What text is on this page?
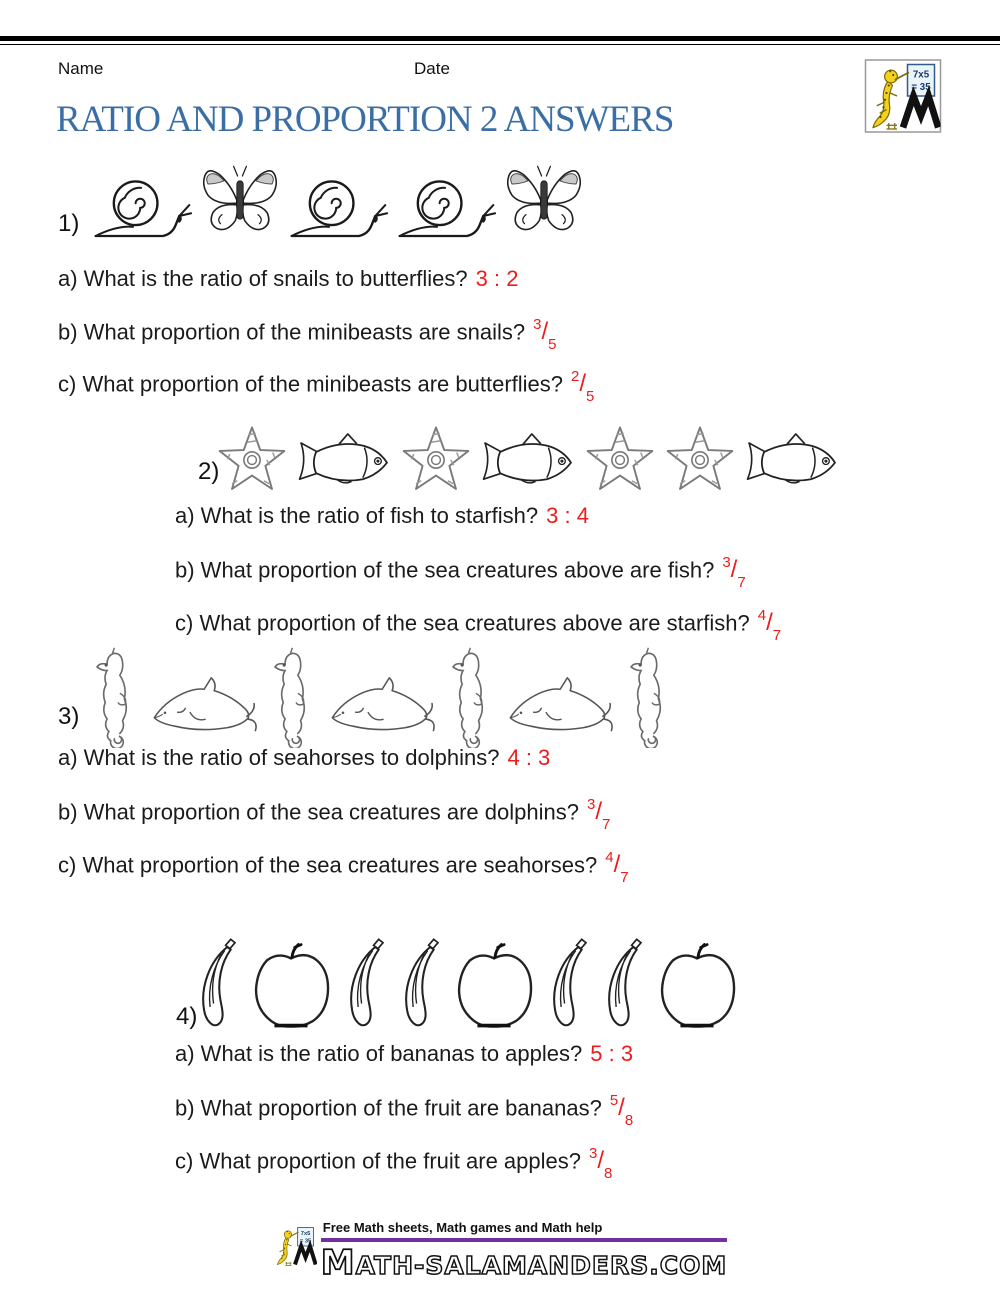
Name	Date
RATIO AND PROPORTION 2 ANSWERS
1)
a) What is the ratio of snails to butterflies? 3 : 2
b) What proportion of the minibeasts are snails? $^3/_5$
c) What proportion of the minibeasts are butterflies? $^2/_5$
2)
a) What is the ratio of fish to starfish? 3 : 4
b) What proportion of the sea creatures above are fish? $^3/_7$
c) What proportion of the sea creatures above are starfish? $^4/_7$
3)
a) What is the ratio of seahorses to dolphins? 4 : 3
b) What proportion of the sea creatures are dolphins? $^3/_7$
c) What proportion of the sea creatures are seahorses? $^4/_7$
4)
a) What is the ratio of bananas to apples? 5 : 3
b) What proportion of the fruit are bananas? $^5/_8$
c) What proportion of the fruit are apples? $^3/_8$
Free Math sheets, Math games and Math help
MATH-SALAMANDERS.COM
